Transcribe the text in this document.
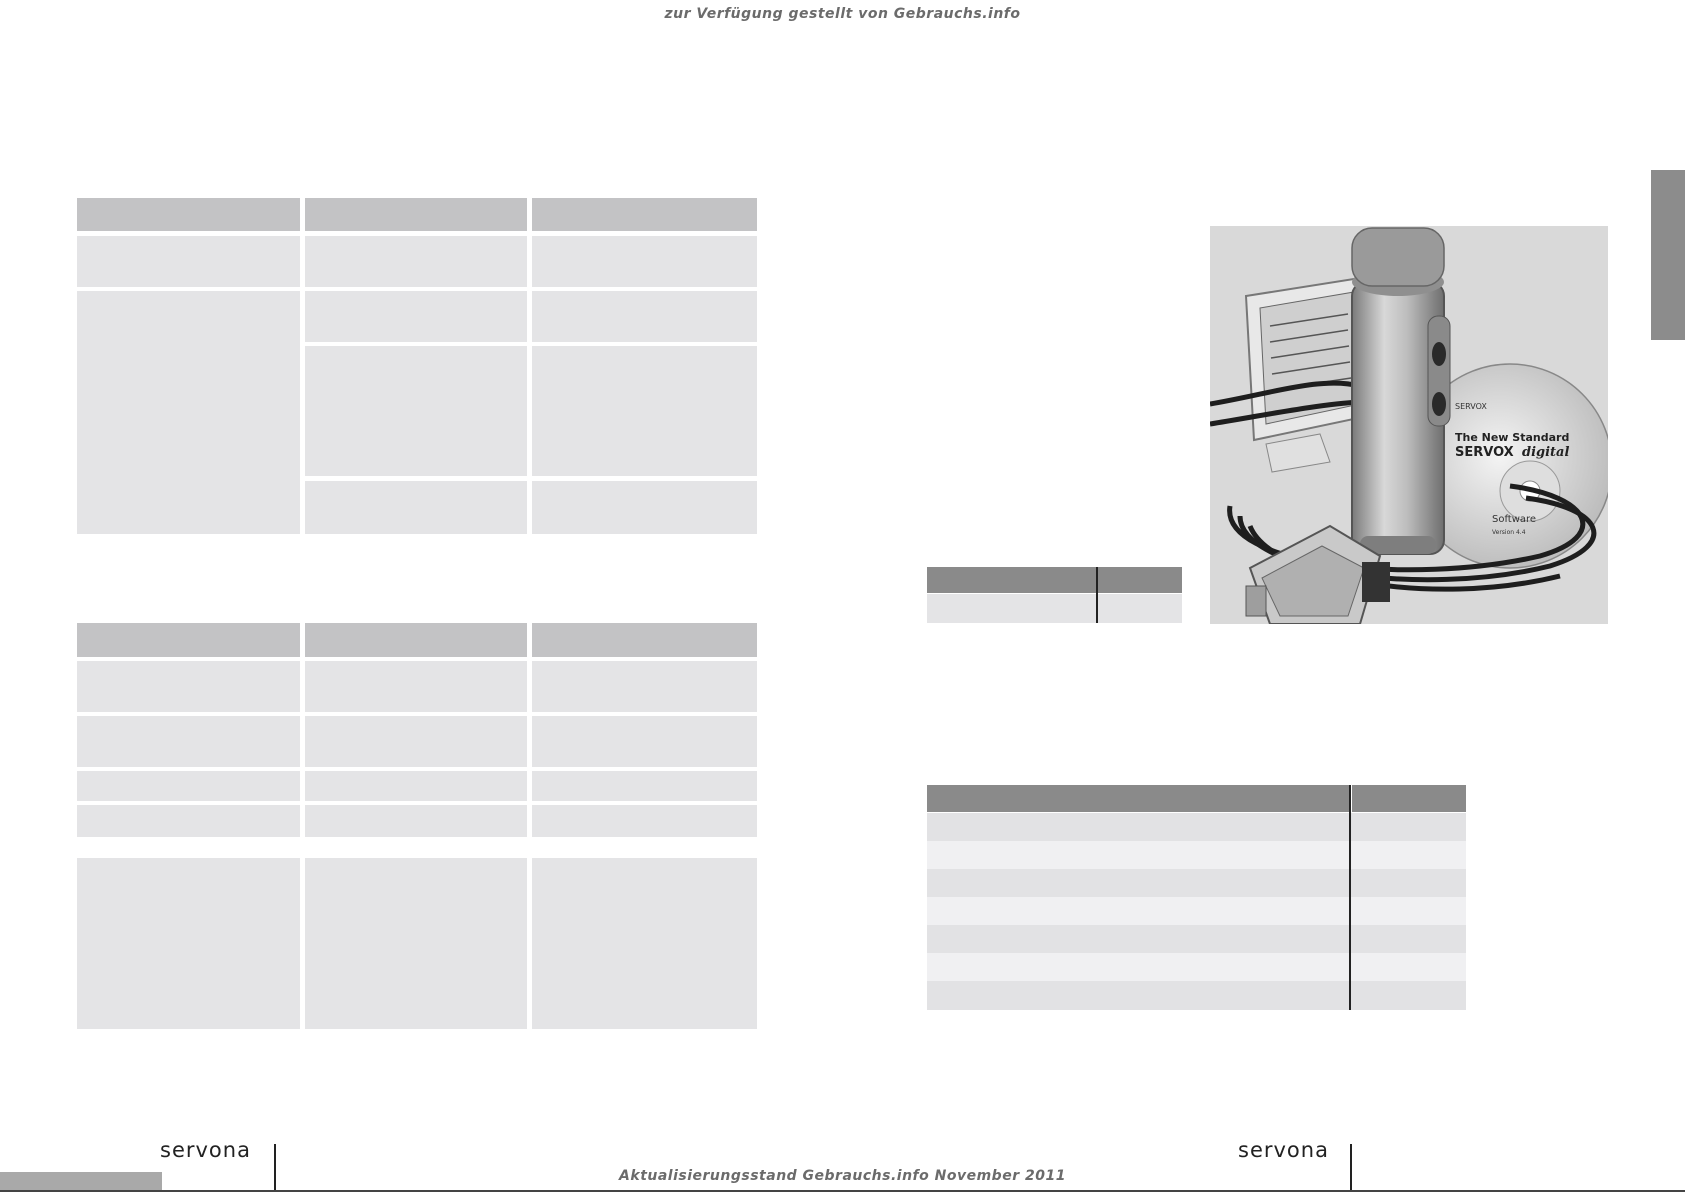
zur Verfügung gestellt von Gebrauchs.info
SERVOX
The New Standard
SERVOX digital
Software
Version 4.4
servona	servona
Aktualisierungsstand Gebrauchs.info November 2011
